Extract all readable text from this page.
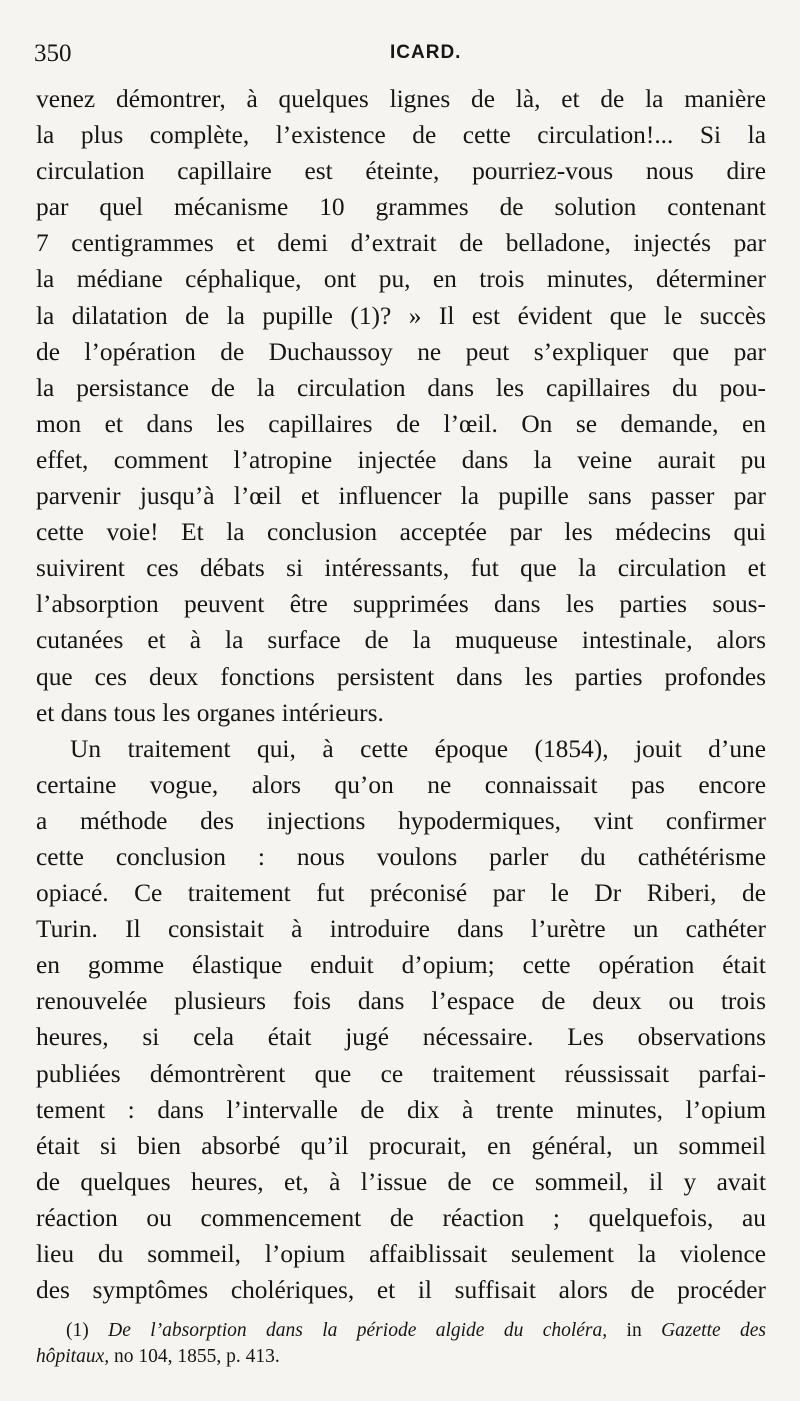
350	ICARD.
venez démontrer, à quelques lignes de là, et de la manière
la plus complète, l’existence de cette circulation!... Si la
circulation capillaire est éteinte, pourriez-vous nous dire
par quel mécanisme 10 grammes de solution contenant
7 centigrammes et demi d’extrait de belladone, injectés par
la médiane céphalique, ont pu, en trois minutes, déterminer
la dilatation de la pupille (1)? » Il est évident que le succès
de l’opération de Duchaussoy ne peut s’expliquer que par
la persistance de la circulation dans les capillaires du pou-
mon et dans les capillaires de l’œil. On se demande, en
effet, comment l’atropine injectée dans la veine aurait pu
parvenir jusqu’à l’œil et influencer la pupille sans passer par
cette voie! Et la conclusion acceptée par les médecins qui
suivirent ces débats si intéressants, fut que la circulation et
l’absorption peuvent être supprimées dans les parties sous-
cutanées et à la surface de la muqueuse intestinale, alors
que ces deux fonctions persistent dans les parties profondes
et dans tous les organes intérieurs.
Un traitement qui, à cette époque (1854), jouit d’une
certaine vogue, alors qu’on ne connaissait pas encore
a méthode des injections hypodermiques, vint confirmer
cette conclusion : nous voulons parler du cathétérisme
opiacé. Ce traitement fut préconisé par le Dr Riberi, de
Turin. Il consistait à introduire dans l’urètre un cathéter
en gomme élastique enduit d’opium; cette opération était
renouvelée plusieurs fois dans l’espace de deux ou trois
heures, si cela était jugé nécessaire. Les observations
publiées démontrèrent que ce traitement réussissait parfai-
tement : dans l’intervalle de dix à trente minutes, l’opium
était si bien absorbé qu’il procurait, en général, un sommeil
de quelques heures, et, à l’issue de ce sommeil, il y avait
réaction ou commencement de réaction ; quelquefois, au
lieu du sommeil, l’opium affaiblissait seulement la violence
des symptômes cholériques, et il suffisait alors de procéder
(1) De l’absorption dans la période algide du choléra, in Gazette des
hôpitaux, no 104, 1855, p. 413.
